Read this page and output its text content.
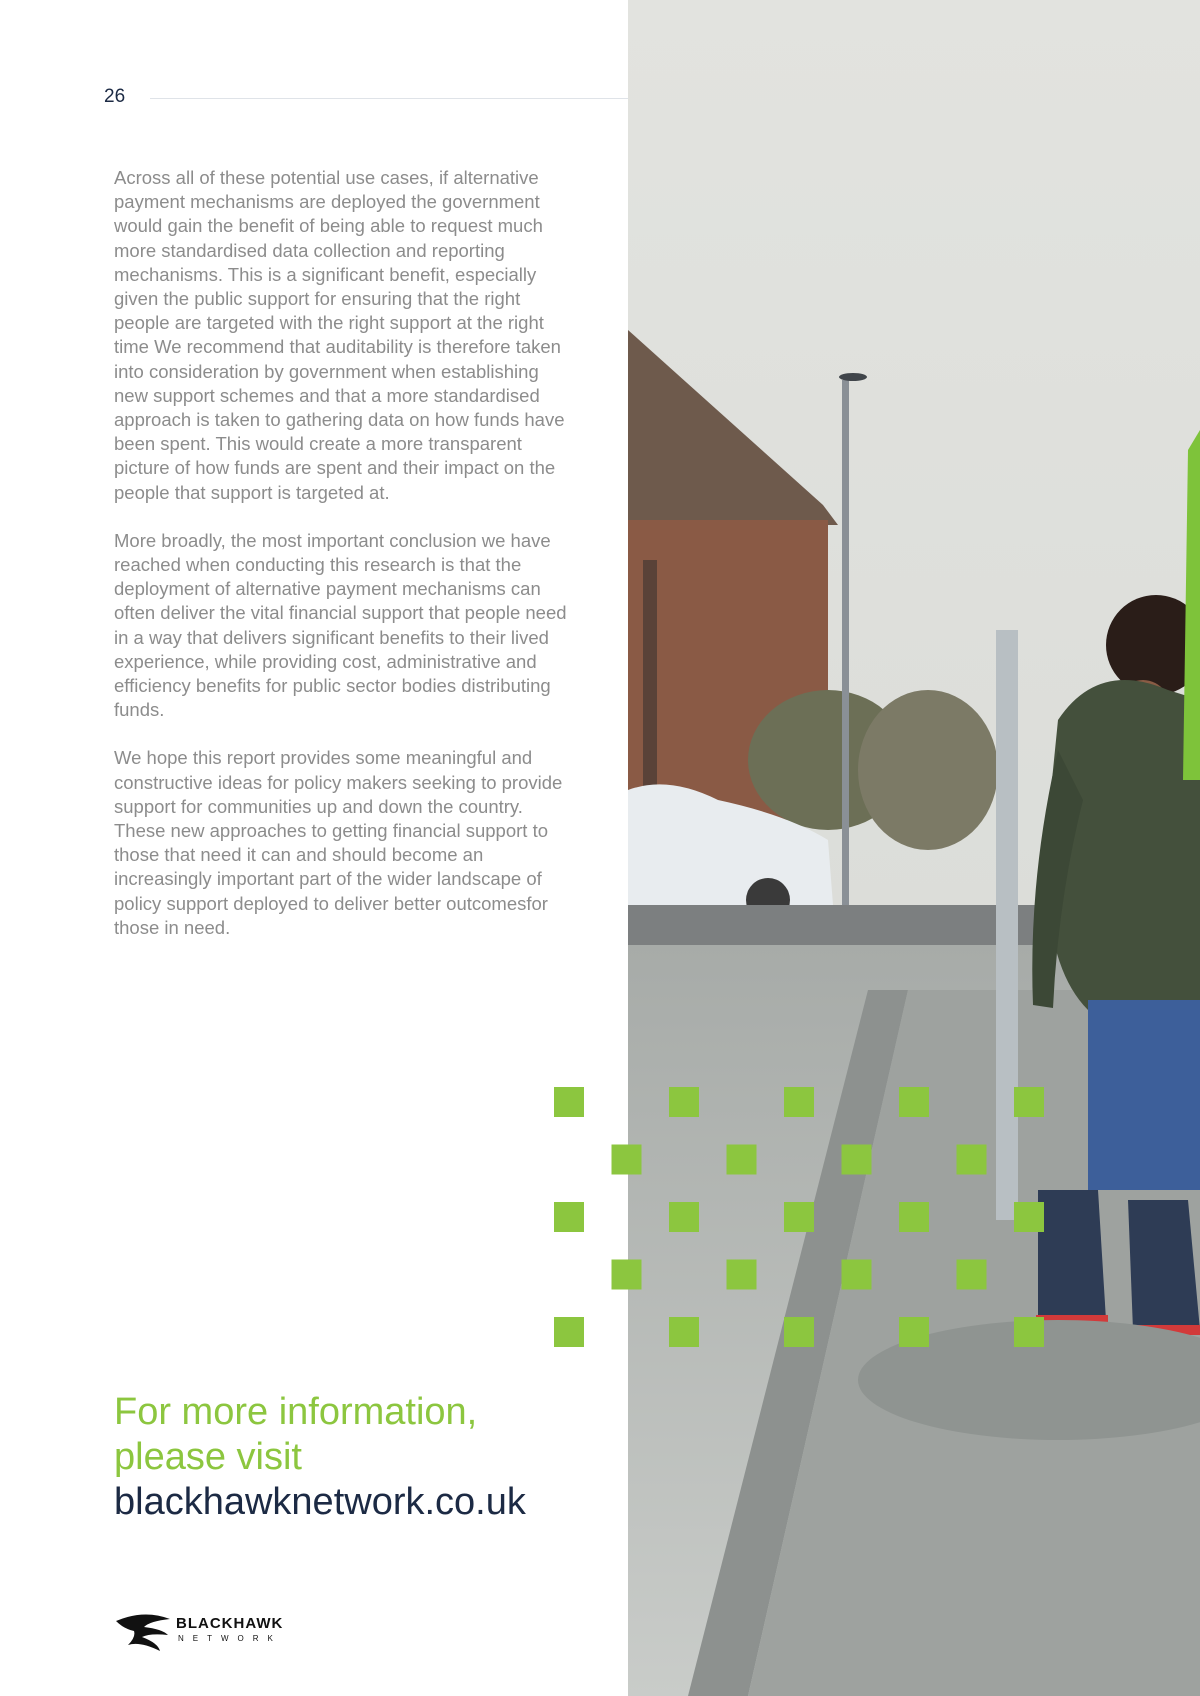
26

Across all of these potential use cases, if alternative payment mechanisms are deployed the government would gain the benefit of being able to request much more standardised data collection and reporting mechanisms. This is a significant benefit, especially given the public support for ensuring that the right people are targeted with the right support at the right time We recommend that auditability is therefore taken into consideration by government when establishing new support schemes and that a more standardised approach is taken to gathering data on how funds have been spent. This would create a more transparent picture of how funds are spent and their impact on the people that support is targeted at.

More broadly, the most important conclusion we have reached when conducting this research is that the deployment of alternative payment mechanisms can often deliver the vital financial support that people need in a way that delivers significant benefits to their lived experience, while providing cost, administrative and efficiency benefits for public sector bodies distributing funds.

We hope this report provides some meaningful and constructive ideas for policy makers seeking to provide support for communities up and down the country. These new approaches to getting financial support to those that need it can and should become an increasingly important part of the wider landscape of policy support deployed to deliver better outcomesfor those in need.

For more information,
please visit
blackhawknetwork.co.uk
BLACKHAWK
NETWORK
